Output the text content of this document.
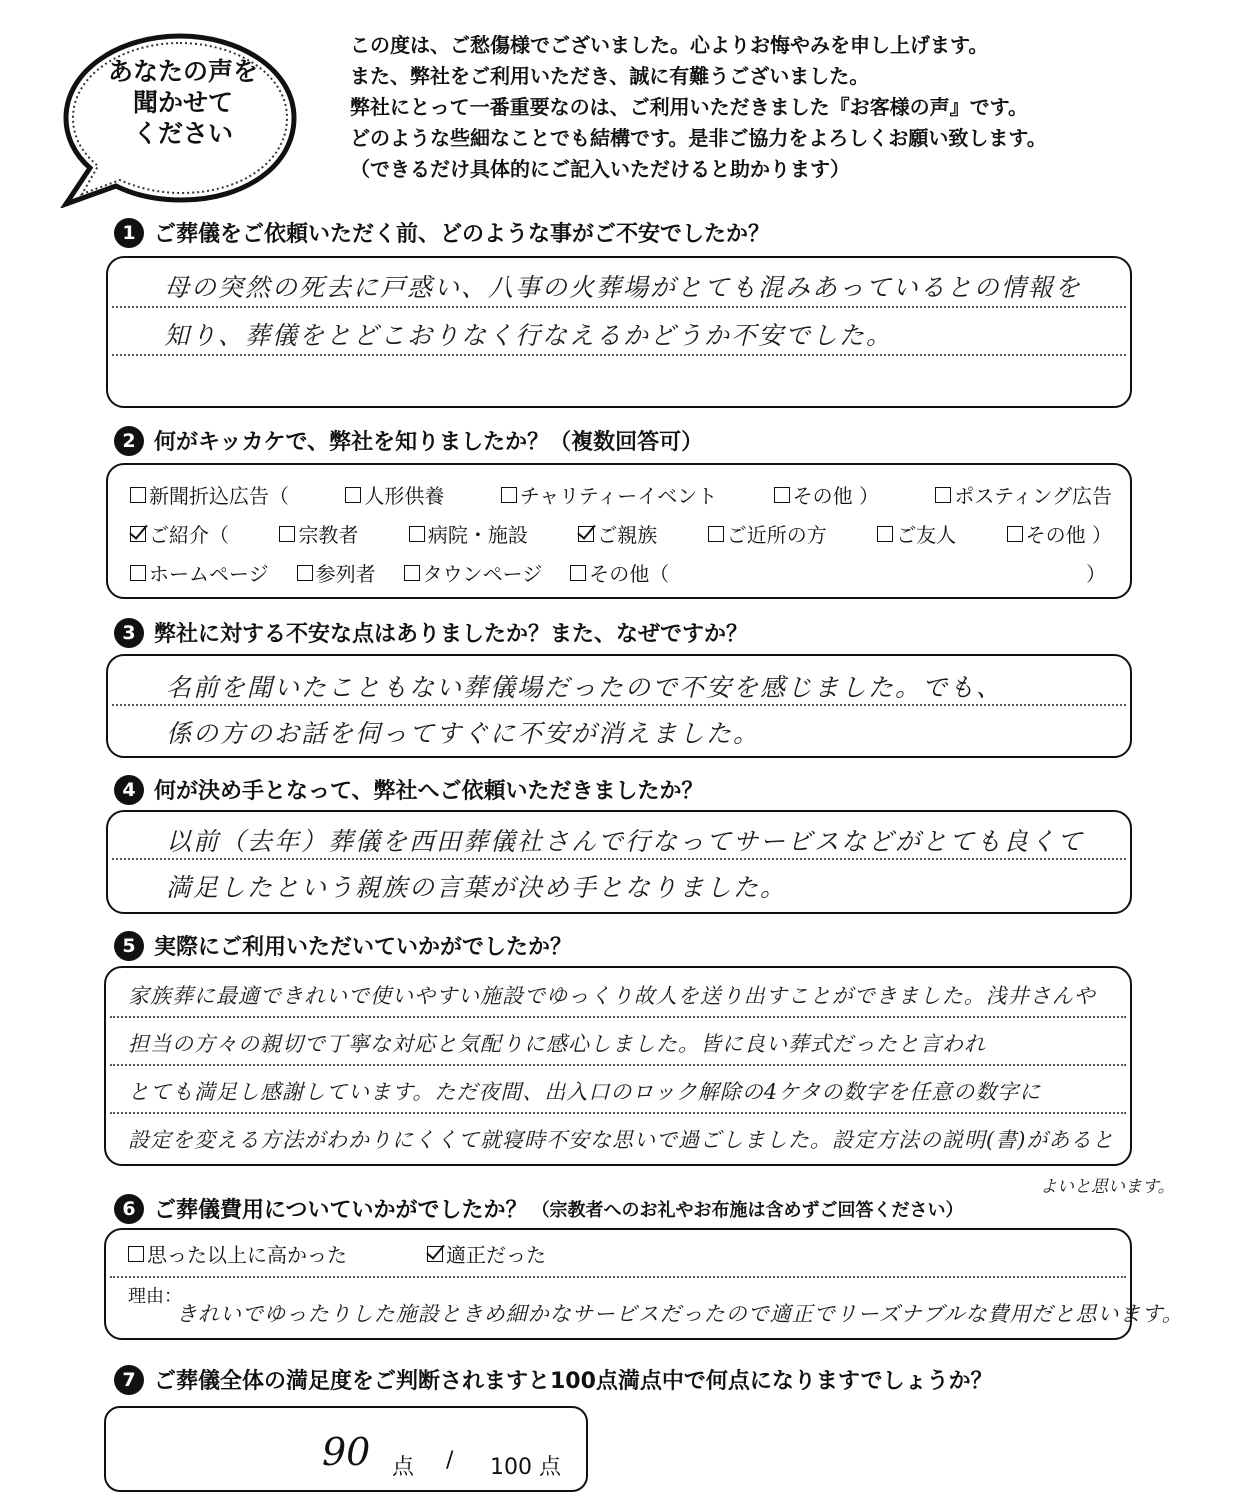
あなたの声を
聞かせて
ください

この度は、ご愁傷様でございました。心よりお悔やみを申し上げます。

また、弊社をご利用いただき、誠に有難うございました。

弊社にとって一番重要なのは、ご利用いただきました『お客様の声』です。

どのような些細なことでも結構です。是非ご協力をよろしくお願い致します。

（できるだけ具体的にご記入いただけると助かります）

1 ご葬儀をご依頼いただく前、どのような事がご不安でしたか？
母の突然の死去に戸惑い、八事の火葬場がとても混みあっているとの情報を
知り、葬儀をとどこおりなく行なえるかどうか不安でした。
2 何がキッカケで、弊社を知りましたか？（複数回答可）
新聞折込広告（	人形供養	チャリティーイベント	その他 ）	ポスティング広告
ご紹介（	宗教者	病院・施設	ご親族	ご近所の方	ご友人	その他 ）
ホームページ 参列者 タウンページ その他（	）
3 弊社に対する不安な点はありましたか？また、なぜですか？
名前を聞いたこともない葬儀場だったので不安を感じました。でも、
係の方のお話を伺ってすぐに不安が消えました。
4 何が決め手となって、弊社へご依頼いただきましたか？
以前（去年）葬儀を西田葬儀社さんで行なってサービスなどがとても良くて
満足したという親族の言葉が決め手となりました。
5 実際にご利用いただいていかがでしたか？
家族葬に最適できれいで使いやすい施設でゆっくり故人を送り出すことができました。浅井さんや
担当の方々の親切で丁寧な対応と気配りに感心しました。皆に良い葬式だったと言われ
とても満足し感謝しています。ただ夜間、出入口のロック解除の4ケタの数字を任意の数字に
設定を変える方法がわかりにくくて就寝時不安な思いで過ごしました。設定方法の説明(書)があると
よいと思います。
6 ご葬儀費用についていかがでしたか？ （宗教者へのお礼やお布施は含めずご回答ください）
思った以上に高かった	適正だった
理由：
きれいでゆったりした施設ときめ細かなサービスだったので適正でリーズナブルな費用だと思います。
7 ご葬儀全体の満足度をご判断されますと100点満点中で何点になりますでしょうか？
90 点 / 100 点
